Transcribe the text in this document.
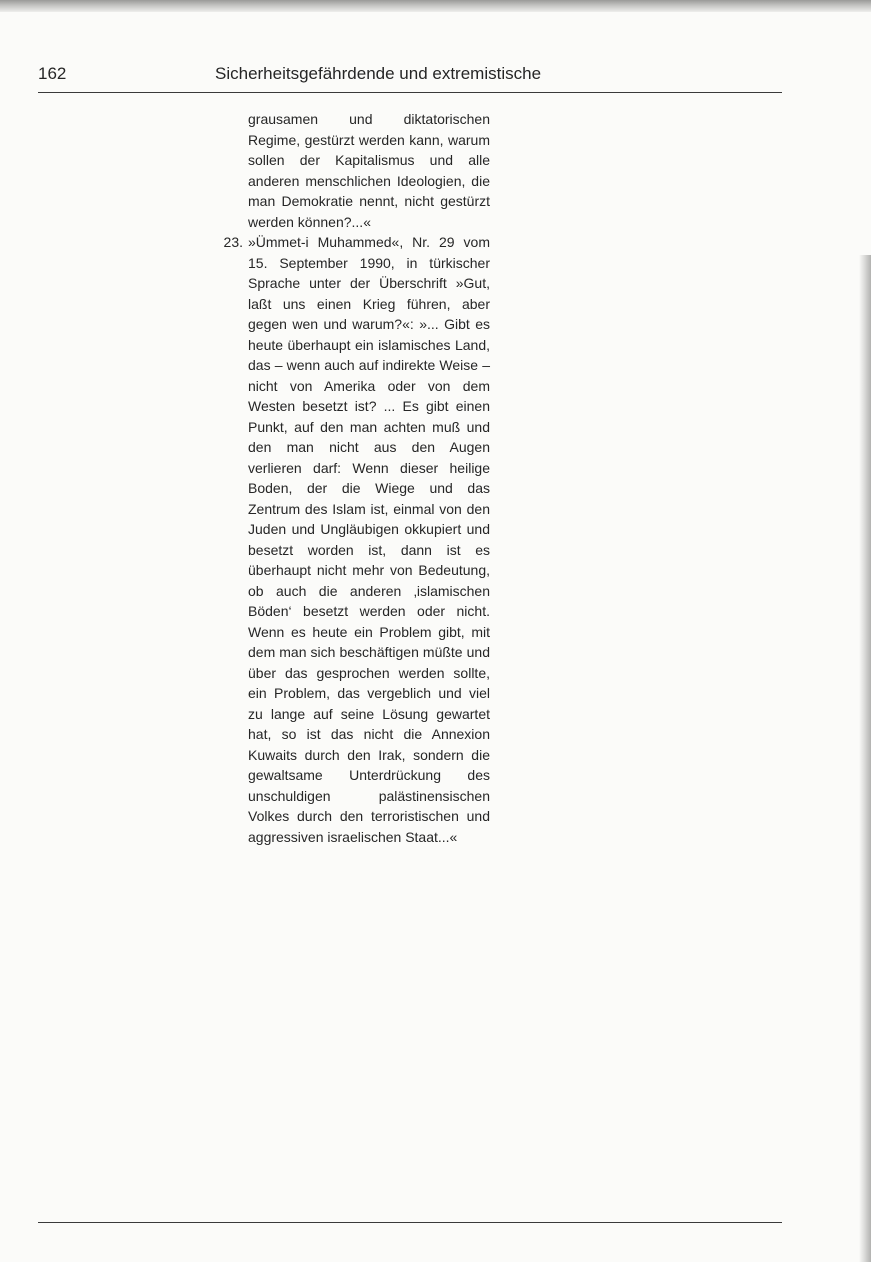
162	Sicherheitsgefährdende und extremistische

grausamen und diktatorischen Regime, gestürzt werden kann, warum sollen der Kapitalismus und alle anderen menschlichen Ideologien, die man Demokratie nennt, nicht gestürzt werden können?...«

23. »Ümmet-i Muhammed«, Nr. 29 vom 15. September 1990, in türkischer Sprache unter der Überschrift »Gut, laßt uns einen Krieg führen, aber gegen wen und warum?«: »... Gibt es heute überhaupt ein islamisches Land, das – wenn auch auf indirekte Weise – nicht von Amerika oder von dem Westen besetzt ist? ... Es gibt einen Punkt, auf den man achten muß und den man nicht aus den Augen verlieren darf: Wenn dieser heilige Boden, der die Wiege und das Zentrum des Islam ist, einmal von den Juden und Ungläubigen okkupiert und besetzt worden ist, dann ist es überhaupt nicht mehr von Bedeutung, ob auch die anderen ‚islamischen Böden‘ besetzt werden oder nicht. Wenn es heute ein Problem gibt, mit dem man sich beschäftigen müßte und über das gesprochen werden sollte, ein Problem, das vergeblich und viel zu lange auf seine Lösung gewartet hat, so ist das nicht die Annexion Kuwaits durch den Irak, sondern die gewaltsame Unterdrückung des unschuldigen palästinensischen Volkes durch den terroristischen und aggressiven israelischen Staat...«
